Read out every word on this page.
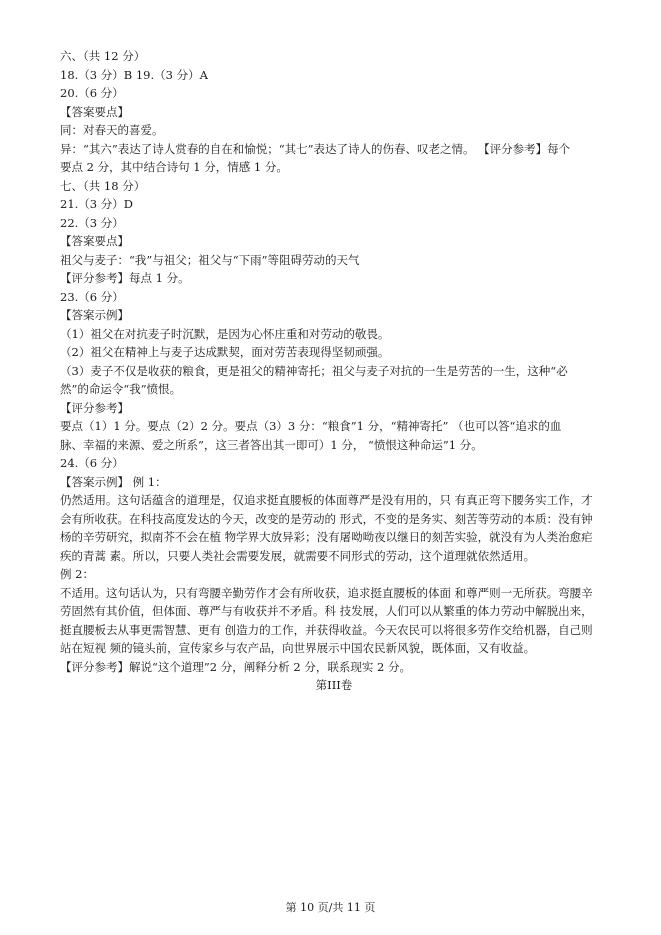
六、（共 12 分）
18.（3 分）B 19.（3 分）A
20.（6 分）
【答案要点】
同：对春天的喜爱。
异：“其六”表达了诗人赏春的自在和愉悦；“其七”表达了诗人的伤春、叹老之情。 【评分参考】每个
要点 2 分，其中结合诗句 1 分，情感 1 分。
七、（共 18 分）
21.（3 分）D
22.（3 分）
【答案要点】
祖父与麦子：“我”与祖父；祖父与“下雨”等阻碍劳动的天气
【评分参考】每点 1 分。
23.（6 分）
【答案示例】
（1）祖父在对抗麦子时沉默，是因为心怀庄重和对劳动的敬畏。
（2）祖父在精神上与麦子达成默契，面对劳苦表现得坚韧顽强。
（3）麦子不仅是收获的粮食，更是祖父的精神寄托；祖父与麦子对抗的一生是劳苦的一生，这种“必
然”的命运令“我”愤恨。
【评分参考】
要点（1）1 分。要点（2）2 分。要点（3）3 分：“粮食”1 分，“精神寄托” （也可以答“追求的血
脉、幸福的来源、爱之所系”，这三者答出其一即可）1 分， “愤恨这种命运”1 分。
24.（6 分）
【答案示例】 例 1：
仍然适用。这句话蕴含的道理是，仅追求挺直腰板的体面尊严是没有用的，只 有真正弯下腰务实工作，才
会有所收获。在科技高度发达的今天，改变的是劳动的 形式，不变的是务实、刻苦等劳动的本质：没有钟
杨的辛劳研究，拟南芥不会在植 物学界大放异彩；没有屠呦呦夜以继日的刻苦实验，就没有为人类治愈疟
疾的青蒿 素。所以，只要人类社会需要发展，就需要不同形式的劳动，这个道理就依然适用。
例 2：
不适用。这句话认为，只有弯腰辛勤劳作才会有所收获，追求挺直腰板的体面 和尊严则一无所获。弯腰辛
劳固然有其价值，但体面、尊严与有收获并不矛盾。科 技发展，人们可以从繁重的体力劳动中解脱出来，
挺直腰板去从事更需智慧、更有 创造力的工作，并获得收益。今天农民可以将很多劳作交给机器，自己则
站在短视 频的镜头前，宣传家乡与农产品，向世界展示中国农民新风貌，既体面，又有收益。
【评分参考】解说“这个道理”2 分，阐释分析 2 分，联系现实 2 分。
第III卷
第 10 页/共 11 页
